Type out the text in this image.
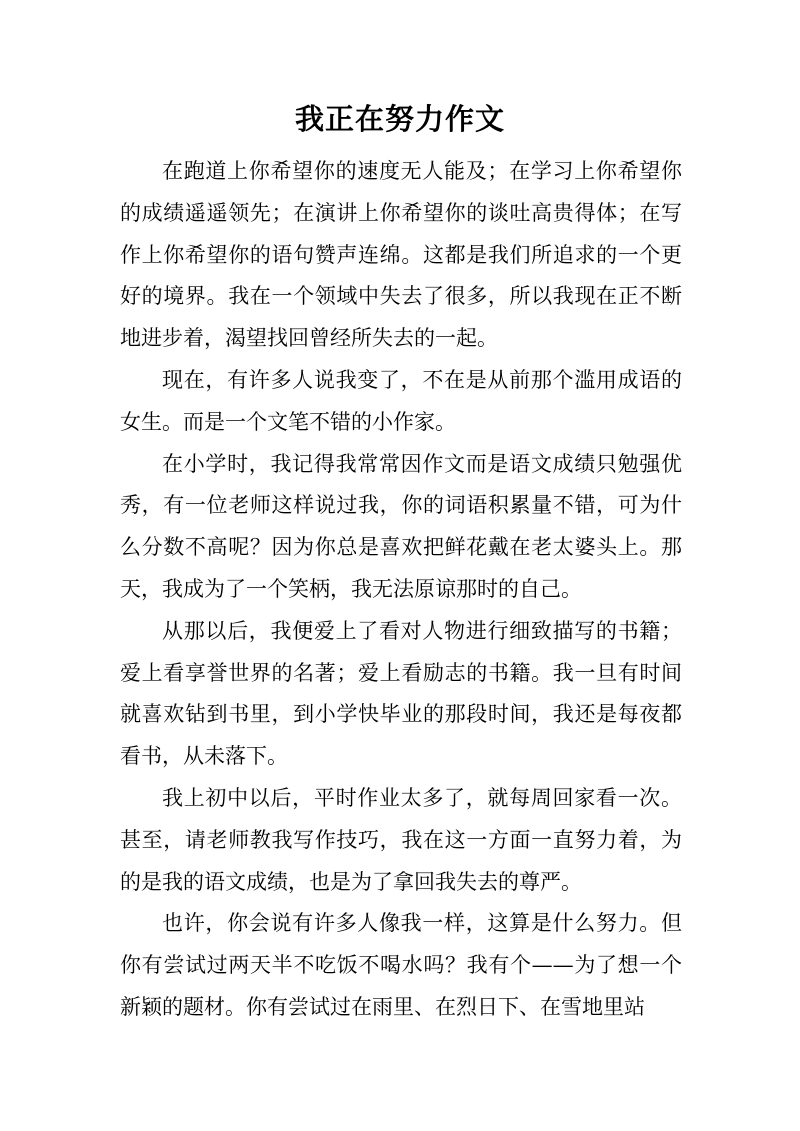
我正在努力作文

在跑道上你希望你的速度无人能及；在学习上你希望你的成绩遥遥领先；在演讲上你希望你的谈吐高贵得体；在写作上你希望你的语句赞声连绵。这都是我们所追求的一个更好的境界。我在一个领域中失去了很多，所以我现在正不断地进步着，渴望找回曾经所失去的一起。

现在，有许多人说我变了，不在是从前那个滥用成语的女生。而是一个文笔不错的小作家。

在小学时，我记得我常常因作文而是语文成绩只勉强优秀，有一位老师这样说过我，你的词语积累量不错，可为什么分数不高呢？因为你总是喜欢把鲜花戴在老太婆头上。那天，我成为了一个笑柄，我无法原谅那时的自己。

从那以后，我便爱上了看对人物进行细致描写的书籍；爱上看享誉世界的名著；爱上看励志的书籍。我一旦有时间就喜欢钻到书里，到小学快毕业的那段时间，我还是每夜都看书，从未落下。

我上初中以后，平时作业太多了，就每周回家看一次。甚至，请老师教我写作技巧，我在这一方面一直努力着，为的是我的语文成绩，也是为了拿回我失去的尊严。

也许，你会说有许多人像我一样，这算是什么努力。但你有尝试过两天半不吃饭不喝水吗？我有个——为了想一个新颖的题材。你有尝试过在雨里、在烈日下、在雪地里站
